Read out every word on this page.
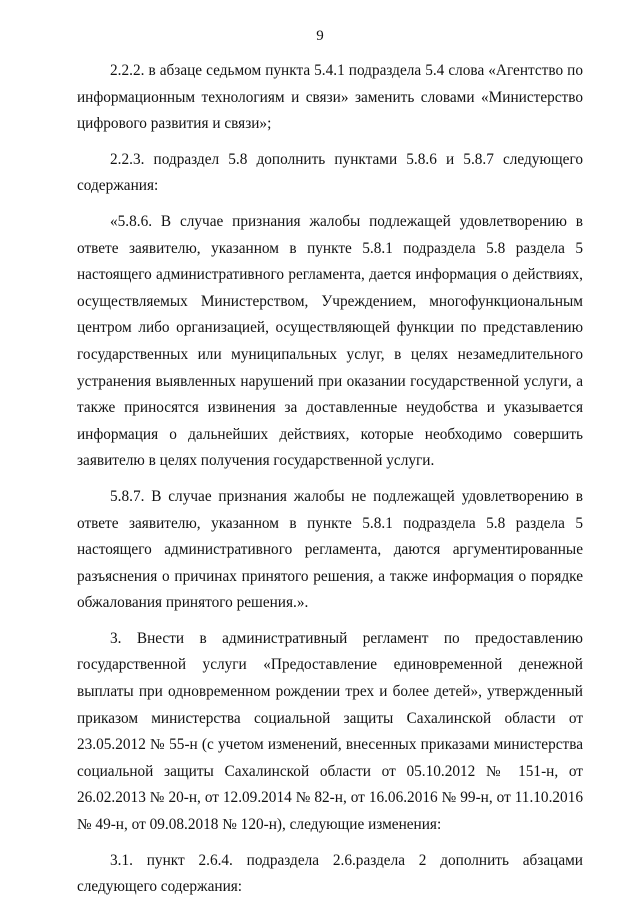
9

2.2.2. в абзаце седьмом пункта 5.4.1 подраздела 5.4 слова «Агентство по информационным технологиям и связи» заменить словами «Министерство цифрового развития и связи»;

2.2.3. подраздел 5.8 дополнить пунктами 5.8.6 и 5.8.7 следующего содержания:

«5.8.6. В случае признания жалобы подлежащей удовлетворению в ответе заявителю, указанном в пункте 5.8.1 подраздела 5.8 раздела 5 настоящего административного регламента, дается информация о действиях, осуществляемых Министерством, Учреждением, многофункциональным центром либо организацией, осуществляющей функции по представлению государственных или муниципальных услуг, в целях незамедлительного устранения выявленных нарушений при оказании государственной услуги, а также приносятся извинения за доставленные неудобства и указывается информация о дальнейших действиях, которые необходимо совершить заявителю в целях получения государственной услуги.

5.8.7. В случае признания жалобы не подлежащей удовлетворению в ответе заявителю, указанном в пункте 5.8.1 подраздела 5.8 раздела 5 настоящего административного регламента, даются аргументированные разъяснения о причинах принятого решения, а также информация о порядке обжалования принятого решения.».

3. Внести в административный регламент по предоставлению государственной услуги «Предоставление единовременной денежной выплаты при одновременном рождении трех и более детей», утвержденный приказом министерства социальной защиты Сахалинской области от 23.05.2012 № 55-н (с учетом изменений, внесенных приказами министерства социальной защиты Сахалинской области от 05.10.2012 № 151-н, от 26.02.2013 № 20-н, от 12.09.2014 № 82-н, от 16.06.2016 № 99-н, от 11.10.2016 № 49-н, от 09.08.2018 № 120-н), следующие изменения:

3.1. пункт 2.6.4. подраздела 2.6.раздела 2 дополнить абзацами следующего содержания:
